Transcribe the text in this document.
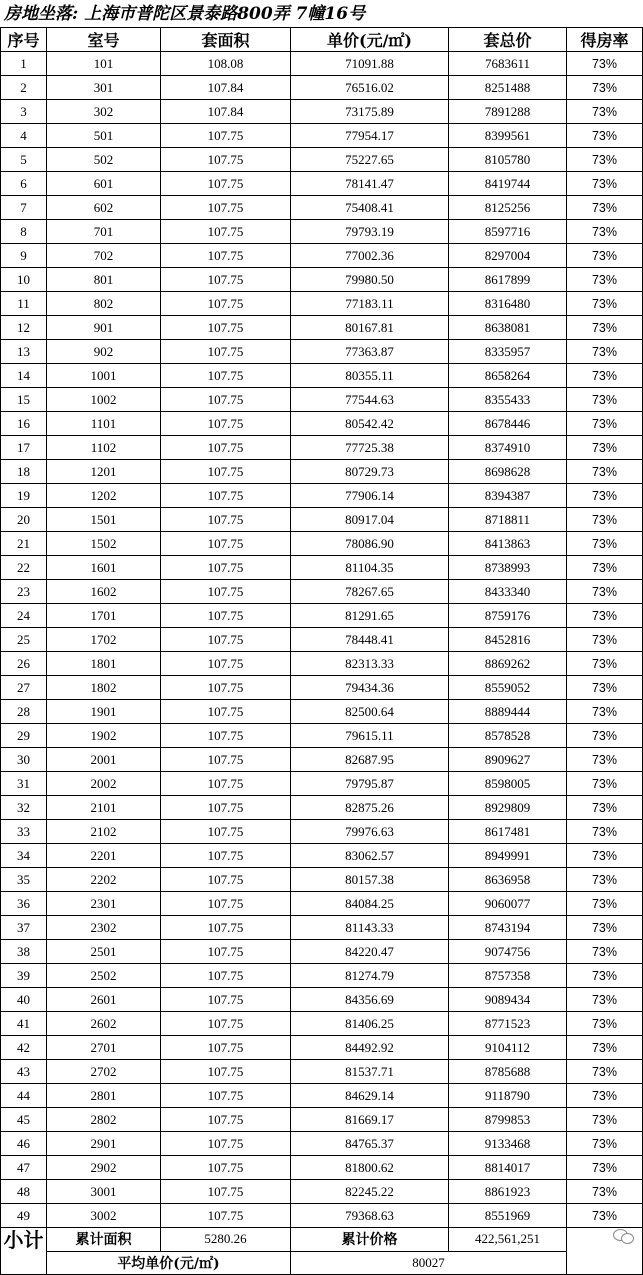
房地坐落: 上海市普陀区景泰路800弄 7幢16号
序号	室号	套面积	单价(元/㎡)	套总价	得房率
1	101	108.08	71091.88	7683611	73%
2	301	107.84	76516.02	8251488	73%
3	302	107.84	73175.89	7891288	73%
4	501	107.75	77954.17	8399561	73%
5	502	107.75	75227.65	8105780	73%
6	601	107.75	78141.47	8419744	73%
7	602	107.75	75408.41	8125256	73%
8	701	107.75	79793.19	8597716	73%
9	702	107.75	77002.36	8297004	73%
10	801	107.75	79980.50	8617899	73%
11	802	107.75	77183.11	8316480	73%
12	901	107.75	80167.81	8638081	73%
13	902	107.75	77363.87	8335957	73%
14	1001	107.75	80355.11	8658264	73%
15	1002	107.75	77544.63	8355433	73%
16	1101	107.75	80542.42	8678446	73%
17	1102	107.75	77725.38	8374910	73%
18	1201	107.75	80729.73	8698628	73%
19	1202	107.75	77906.14	8394387	73%
20	1501	107.75	80917.04	8718811	73%
21	1502	107.75	78086.90	8413863	73%
22	1601	107.75	81104.35	8738993	73%
23	1602	107.75	78267.65	8433340	73%
24	1701	107.75	81291.65	8759176	73%
25	1702	107.75	78448.41	8452816	73%
26	1801	107.75	82313.33	8869262	73%
27	1802	107.75	79434.36	8559052	73%
28	1901	107.75	82500.64	8889444	73%
29	1902	107.75	79615.11	8578528	73%
30	2001	107.75	82687.95	8909627	73%
31	2002	107.75	79795.87	8598005	73%
32	2101	107.75	82875.26	8929809	73%
33	2102	107.75	79976.63	8617481	73%
34	2201	107.75	83062.57	8949991	73%
35	2202	107.75	80157.38	8636958	73%
36	2301	107.75	84084.25	9060077	73%
37	2302	107.75	81143.33	8743194	73%
38	2501	107.75	84220.47	9074756	73%
39	2502	107.75	81274.79	8757358	73%
40	2601	107.75	84356.69	9089434	73%
41	2602	107.75	81406.25	8771523	73%
42	2701	107.75	84492.92	9104112	73%
43	2702	107.75	81537.71	8785688	73%
44	2801	107.75	84629.14	9118790	73%
45	2802	107.75	81669.17	8799853	73%
46	2901	107.75	84765.37	9133468	73%
47	2902	107.75	81800.62	8814017	73%
48	3001	107.75	82245.22	8861923	73%
49	3002	107.75	79368.63	8551969	73%
小计	累计面积	5280.26	累计价格	422,561,251	
	平均单价(元/㎡)		80027		
